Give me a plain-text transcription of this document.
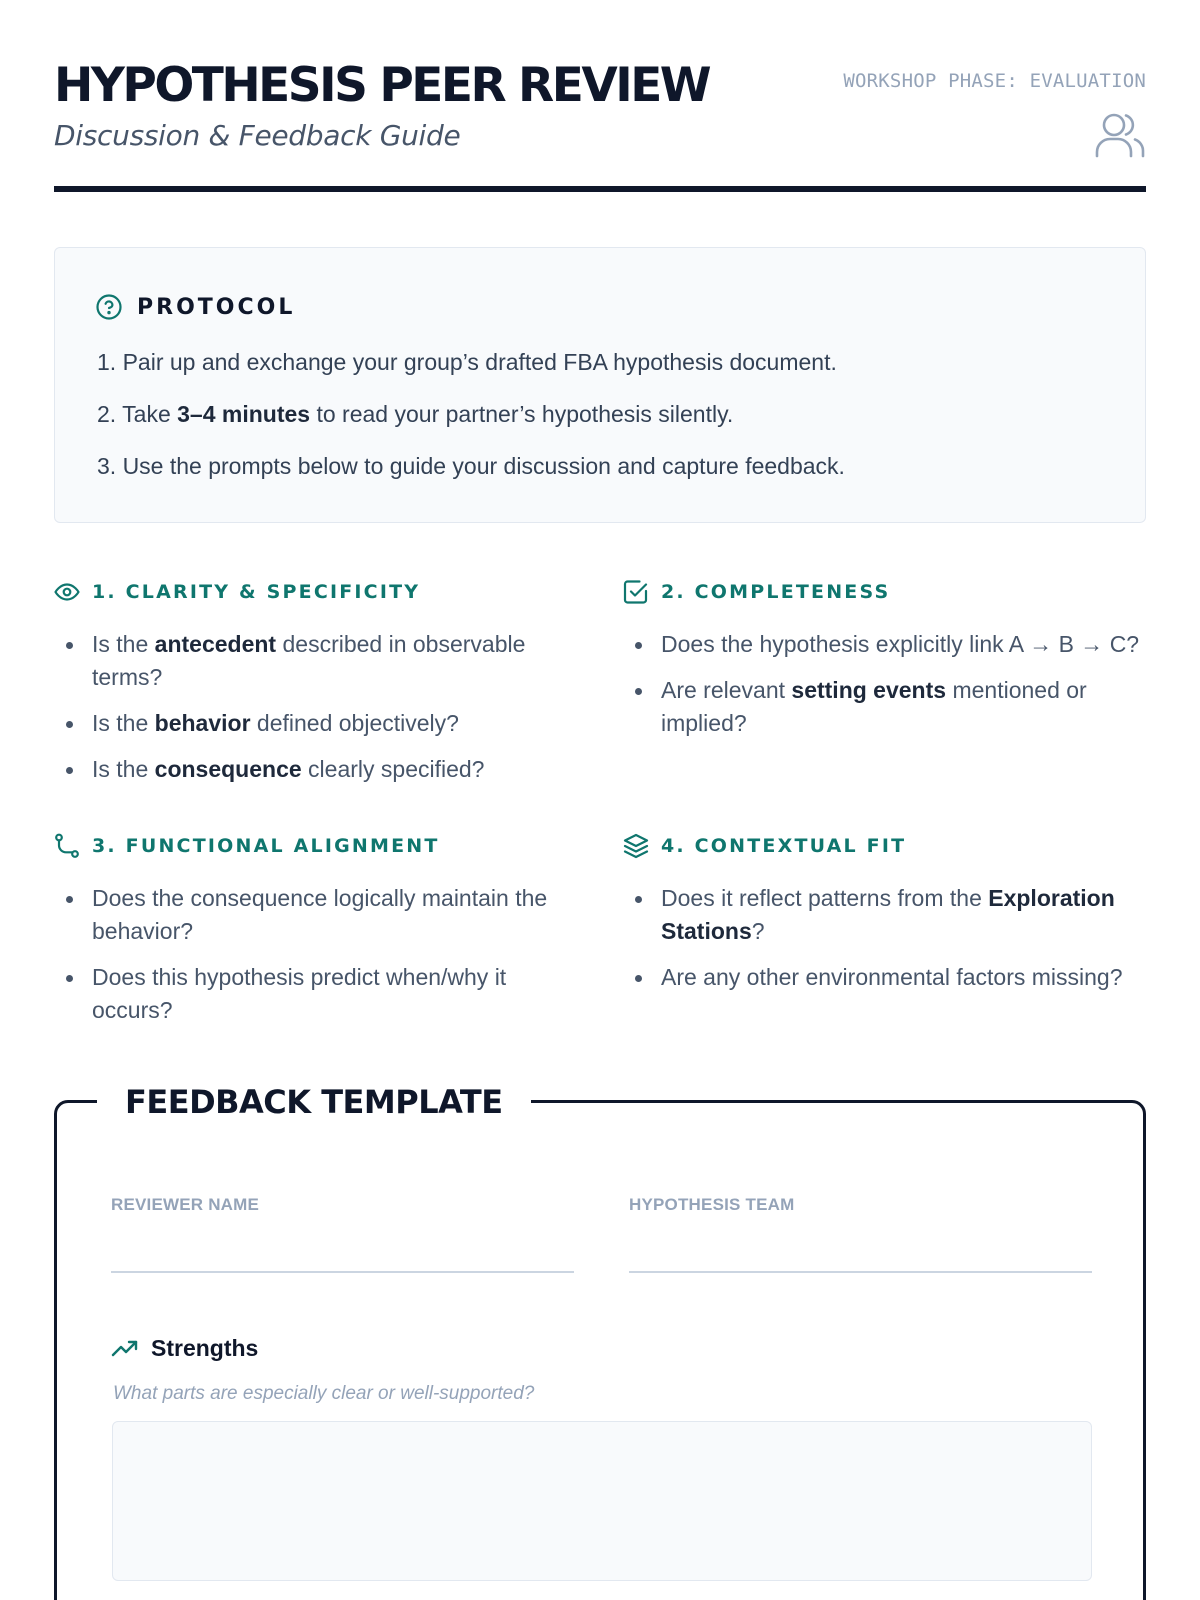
HYPOTHESIS PEER REVIEW
Discussion & Feedback Guide
WORKSHOP PHASE: EVALUATION
PROTOCOL
1. Pair up and exchange your group’s drafted FBA hypothesis document.
2. Take 3–4 minutes to read your partner’s hypothesis silently.
3. Use the prompts below to guide your discussion and capture feedback.
1. CLARITY & SPECIFICITY
Is the antecedent described in observable terms?
Is the behavior defined objectively?
Is the consequence clearly specified?
2. COMPLETENESS
Does the hypothesis explicitly link A → B → C?
Are relevant setting events mentioned or implied?
3. FUNCTIONAL ALIGNMENT
Does the consequence logically maintain the behavior?
Does this hypothesis predict when/why it occurs?
4. CONTEXTUAL FIT
Does it reflect patterns from the Exploration Stations?
Are any other environmental factors missing?
FEEDBACK TEMPLATE
REVIEWER NAME	HYPOTHESIS TEAM
Strengths
What parts are especially clear or well-supported?
